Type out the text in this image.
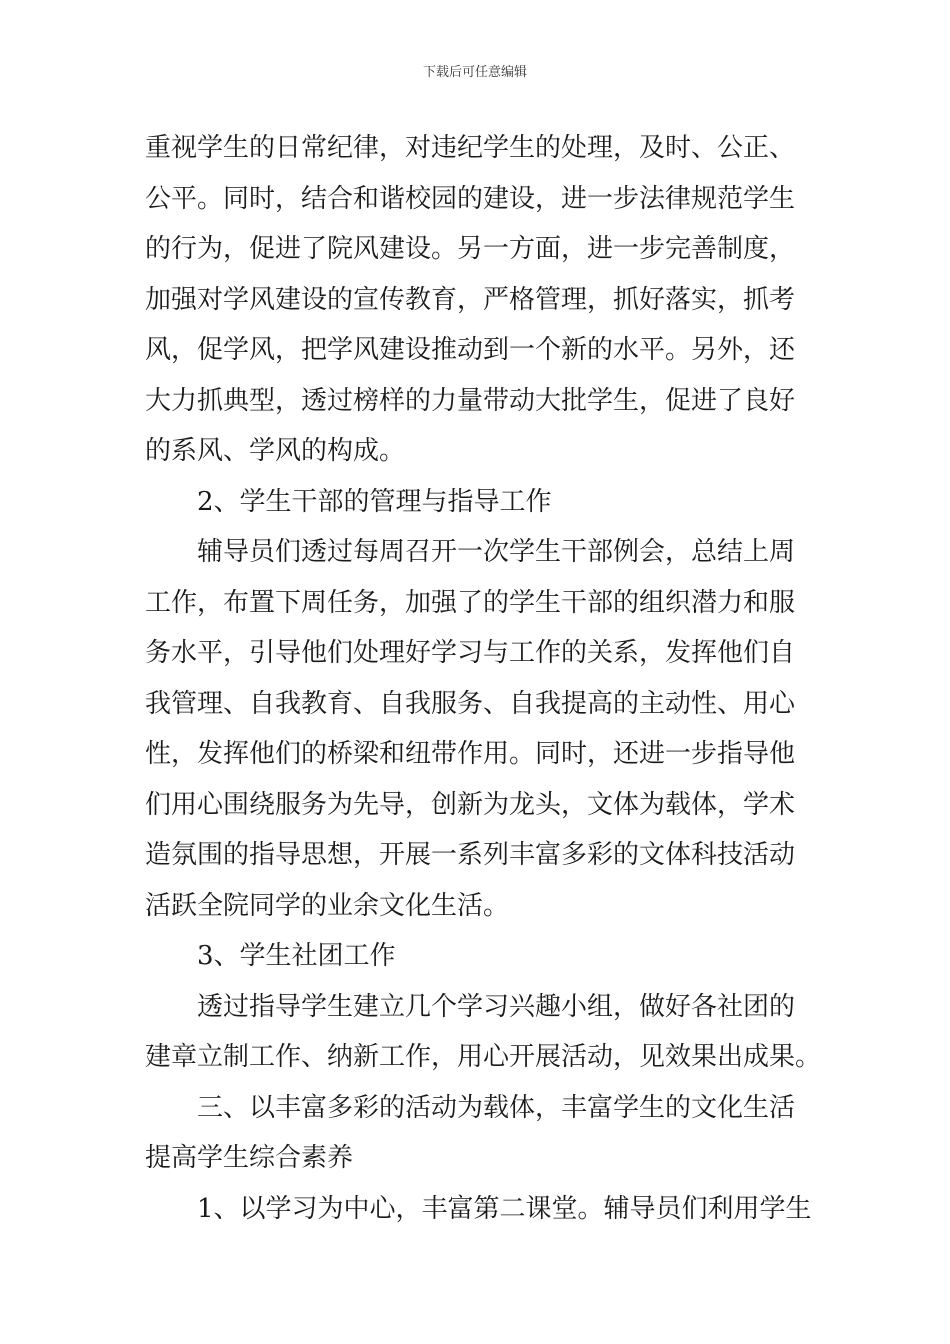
下载后可任意编辑
重视学生的日常纪律，对违纪学生的处理，及时、公正、
公平。同时，结合和谐校园的建设，进一步法律规范学生
的行为，促进了院风建设。另一方面，进一步完善制度，
加强对学风建设的宣传教育，严格管理，抓好落实，抓考
风，促学风，把学风建设推动到一个新的水平。另外，还
大力抓典型，透过榜样的力量带动大批学生，促进了良好
的系风、学风的构成。
2、学生干部的管理与指导工作
辅导员们透过每周召开一次学生干部例会，总结上周
工作，布置下周任务，加强了的学生干部的组织潜力和服
务水平，引导他们处理好学习与工作的关系，发挥他们自
我管理、自我教育、自我服务、自我提高的主动性、用心
性，发挥他们的桥梁和纽带作用。同时，还进一步指导他
们用心围绕服务为先导，创新为龙头，文体为载体，学术
造氛围的指导思想，开展一系列丰富多彩的文体科技活动
活跃全院同学的业余文化生活。
3、学生社团工作
透过指导学生建立几个学习兴趣小组，做好各社团的
建章立制工作、纳新工作，用心开展活动，见效果出成果。
三、以丰富多彩的活动为载体，丰富学生的文化生活
提高学生综合素养
1、以学习为中心，丰富第二课堂。辅导员们利用学生
